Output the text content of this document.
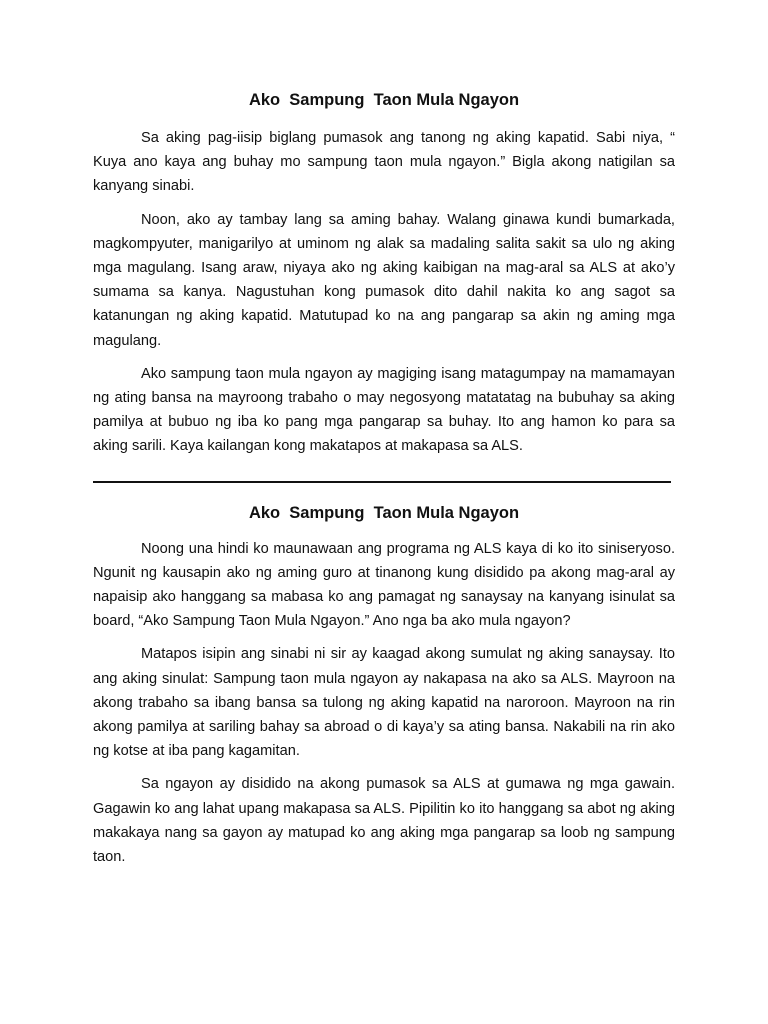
Ako  Sampung  Taon Mula Ngayon

Sa aking pag-iisip biglang pumasok ang tanong ng aking kapatid. Sabi niya, “ Kuya ano kaya ang buhay mo sampung taon mula ngayon.” Bigla akong natigilan sa kanyang sinabi.

Noon, ako ay tambay lang sa aming bahay. Walang ginawa kundi bumarkada, magkompyuter, manigarilyo at uminom ng alak sa madaling salita sakit sa ulo ng aking mga magulang. Isang araw, niyaya ako ng aking kaibigan na mag-aral sa ALS at ako’y sumama sa kanya. Nagustuhan kong pumasok dito dahil nakita ko ang sagot sa katanungan ng aking kapatid. Matutupad ko na ang pangarap sa akin ng aming mga magulang.

Ako sampung taon mula ngayon ay magiging isang matagumpay na mamamayan ng ating bansa na mayroong trabaho o may negosyong matatatag na bubuhay sa aking pamilya at bubuo ng iba ko pang mga pangarap sa buhay. Ito ang hamon ko para sa aking sarili. Kaya kailangan kong makatapos at makapasa sa ALS.

Ako  Sampung  Taon Mula Ngayon

Noong una hindi ko maunawaan ang programa ng ALS kaya di ko ito siniseryoso. Ngunit ng kausapin ako ng aming guro at tinanong kung disidido pa akong mag-aral ay napaisip ako hanggang sa mabasa ko ang pamagat ng sanaysay na kanyang isinulat sa board, “Ako Sampung Taon Mula Ngayon.” Ano nga ba ako mula ngayon?

Matapos isipin ang sinabi ni sir ay kaagad akong sumulat ng aking sanaysay. Ito ang aking sinulat: Sampung taon mula ngayon ay nakapasa na ako sa ALS. Mayroon na akong trabaho sa ibang bansa sa tulong ng aking kapatid na naroroon. Mayroon na rin akong pamilya at sariling bahay sa abroad o di kaya’y sa ating bansa. Nakabili na rin ako ng kotse at iba pang kagamitan.

Sa ngayon ay disidido na akong pumasok sa ALS at gumawa ng mga gawain. Gagawin ko ang lahat upang makapasa sa ALS. Pipilitin ko ito hanggang sa abot ng aking makakaya nang sa gayon ay matupad ko ang aking mga pangarap sa loob ng sampung taon.
